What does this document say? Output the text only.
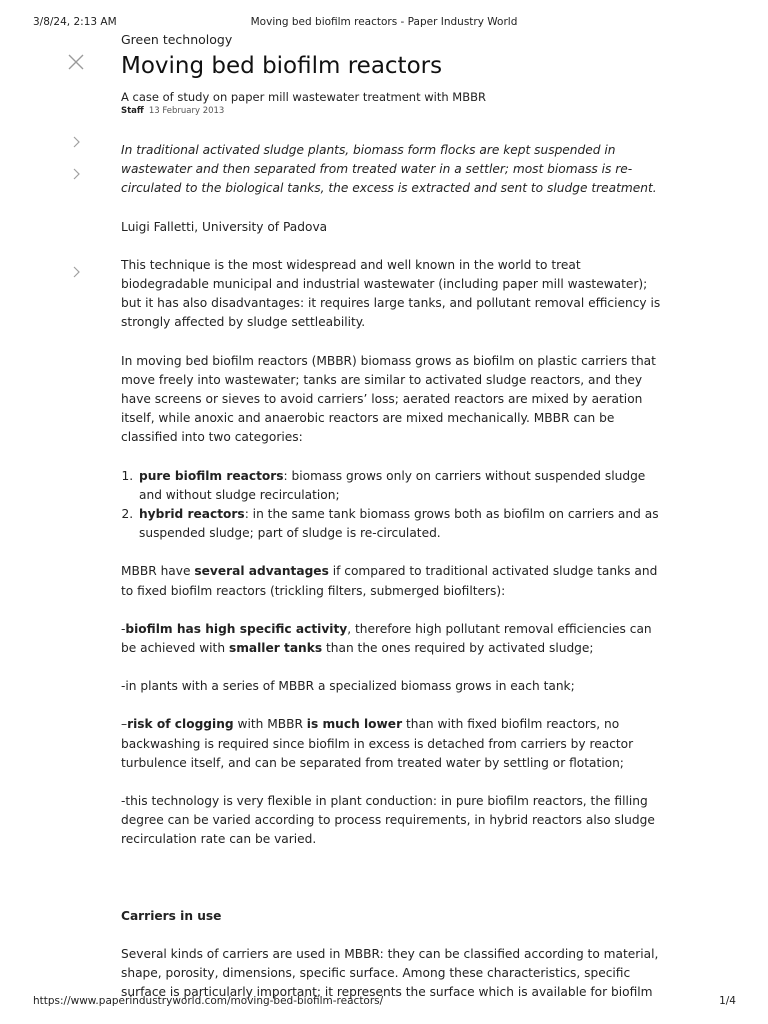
3/8/24, 2:13 AM	Moving bed biofilm reactors - Paper Industry World

Green technology

Moving bed biofilm reactors

A case of study on paper mill wastewater treatment with MBBR

Staff 13 February 2013

In traditional activated sludge plants, biomass form flocks are kept suspended in wastewater and then separated from treated water in a settler; most biomass is re-circulated to the biological tanks, the excess is extracted and sent to sludge treatment.

Luigi Falletti, University of Padova

This technique is the most widespread and well known in the world to treat biodegradable municipal and industrial wastewater (including paper mill wastewater); but it has also disadvantages: it requires large tanks, and pollutant removal efficiency is strongly affected by sludge settleability.

In moving bed biofilm reactors (MBBR) biomass grows as biofilm on plastic carriers that move freely into wastewater; tanks are similar to activated sludge reactors, and they have screens or sieves to avoid carriers’ loss; aerated reactors are mixed by aeration itself, while anoxic and anaerobic reactors are mixed mechanically. MBBR can be classified into two categories:

1. pure biofilm reactors: biomass grows only on carriers without suspended sludge and without sludge recirculation;
2. hybrid reactors: in the same tank biomass grows both as biofilm on carriers and as suspended sludge; part of sludge is re-circulated.

MBBR have several advantages if compared to traditional activated sludge tanks and to fixed biofilm reactors (trickling filters, submerged biofilters):

-biofilm has high specific activity, therefore high pollutant removal efficiencies can be achieved with smaller tanks than the ones required by activated sludge;

-in plants with a series of MBBR a specialized biomass grows in each tank;

–risk of clogging with MBBR is much lower than with fixed biofilm reactors, no backwashing is required since biofilm in excess is detached from carriers by reactor turbulence itself, and can be separated from treated water by settling or flotation;

-this technology is very flexible in plant conduction: in pure biofilm reactors, the filling degree can be varied according to process requirements, in hybrid reactors also sludge recirculation rate can be varied.

Carriers in use

Several kinds of carriers are used in MBBR: they can be classified according to material, shape, porosity, dimensions, specific surface. Among these characteristics, specific surface is particularly important: it represents the surface which is available for biofilm

https://www.paperindustryworld.com/moving-bed-biofilm-reactors/	1/4
